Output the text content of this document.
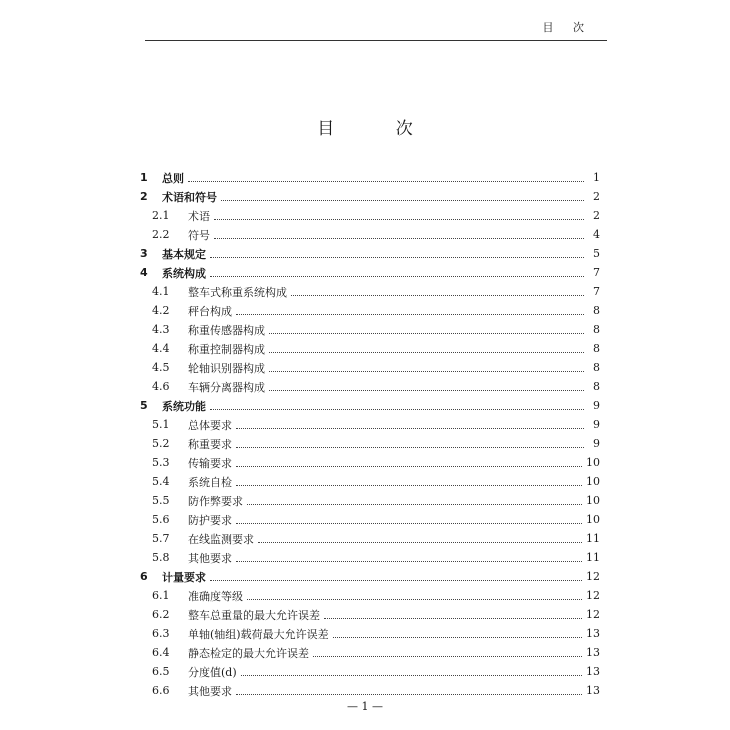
目 次
目 次
1	总则	1
2	术语和符号	2
2.1	术语	2
2.2	符号	4
3	基本规定	5
4	系统构成	7
4.1	整车式称重系统构成	7
4.2	秤台构成	8
4.3	称重传感器构成	8
4.4	称重控制器构成	8
4.5	轮轴识别器构成	8
4.6	车辆分离器构成	8
5	系统功能	9
5.1	总体要求	9
5.2	称重要求	9
5.3	传输要求	10
5.4	系统自检	10
5.5	防作弊要求	10
5.6	防护要求	10
5.7	在线监测要求	11
5.8	其他要求	11
6	计量要求	12
6.1	准确度等级	12
6.2	整车总重量的最大允许误差	12
6.3	单轴(轴组)载荷最大允许误差	13
6.4	静态检定的最大允许误差	13
6.5	分度值(d)	13
6.6	其他要求	13
— 1 —
